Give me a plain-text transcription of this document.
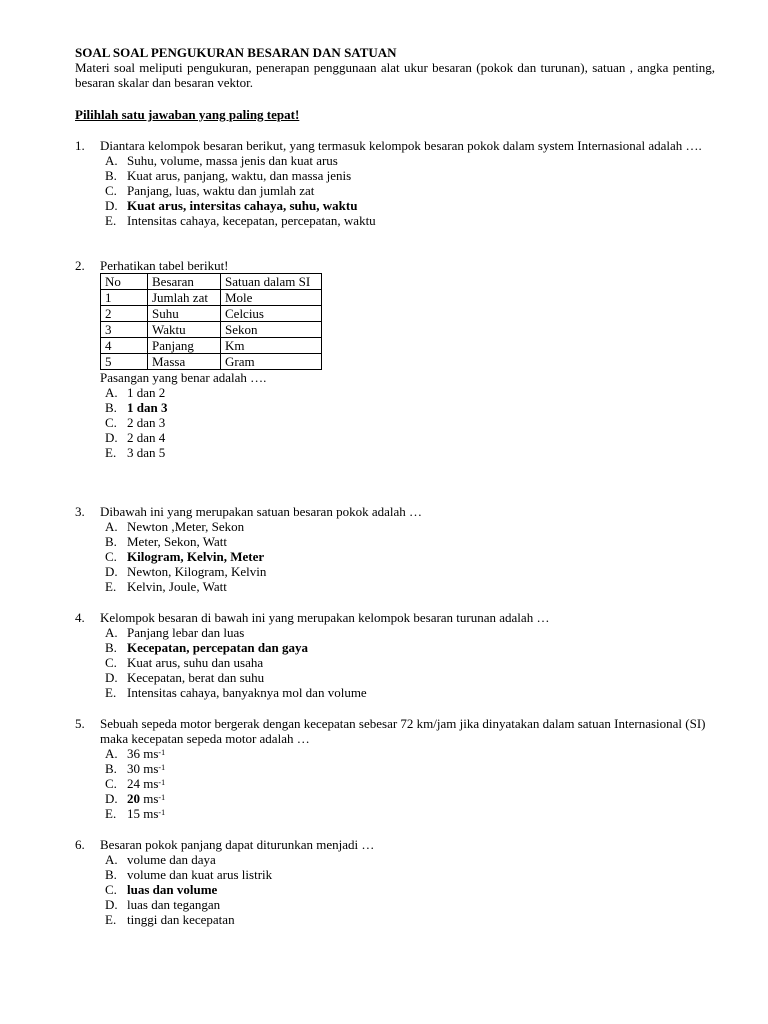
SOAL SOAL PENGUKURAN BESARAN DAN SATUAN
Materi soal meliputi pengukuran, penerapan penggunaan alat ukur besaran (pokok dan turunan), satuan , angka penting, besaran skalar dan besaran vektor.
Pilihlah satu jawaban yang paling tepat!
1. Diantara kelompok besaran berikut, yang termasuk kelompok besaran pokok dalam system Internasional adalah ….
A. Suhu, volume, massa jenis dan kuat arus
B. Kuat arus, panjang, waktu, dan massa jenis
C. Panjang, luas, waktu dan jumlah zat
D. Kuat arus, intersitas cahaya, suhu, waktu
E. Intensitas cahaya, kecepatan, percepatan, waktu
2. Perhatikan tabel berikut!
No	Besaran	Satuan dalam SI
1	Jumlah zat	Mole
2	Suhu	Celcius
3	Waktu	Sekon
4	Panjang	Km
5	Massa	Gram
Pasangan yang benar adalah ….
A. 1 dan 2
B. 1 dan 3
C. 2 dan 3
D. 2 dan 4
E. 3 dan 5
3. Dibawah ini yang merupakan satuan besaran pokok adalah …
A. Newton ,Meter, Sekon
B. Meter, Sekon, Watt
C. Kilogram, Kelvin, Meter
D. Newton, Kilogram, Kelvin
E. Kelvin, Joule, Watt
4. Kelompok besaran di bawah ini yang merupakan kelompok besaran turunan adalah …
A. Panjang lebar dan luas
B. Kecepatan, percepatan dan gaya
C. Kuat arus, suhu dan usaha
D. Kecepatan, berat dan suhu
E. Intensitas cahaya, banyaknya mol dan volume
5. Sebuah sepeda motor bergerak dengan kecepatan sebesar 72 km/jam jika dinyatakan dalam satuan Internasional (SI) maka kecepatan sepeda motor adalah …
A. 36 $ms^{-1}$
B. 30 $ms^{-1}$
C. 24 $ms^{-1}$
D. 20 $ms^{-1}$
E. 15 $ms^{-1}$
6. Besaran pokok panjang dapat diturunkan menjadi …
A. volume dan daya
B. volume dan kuat arus listrik
C. luas dan volume
D. luas dan tegangan
E. tinggi dan kecepatan
